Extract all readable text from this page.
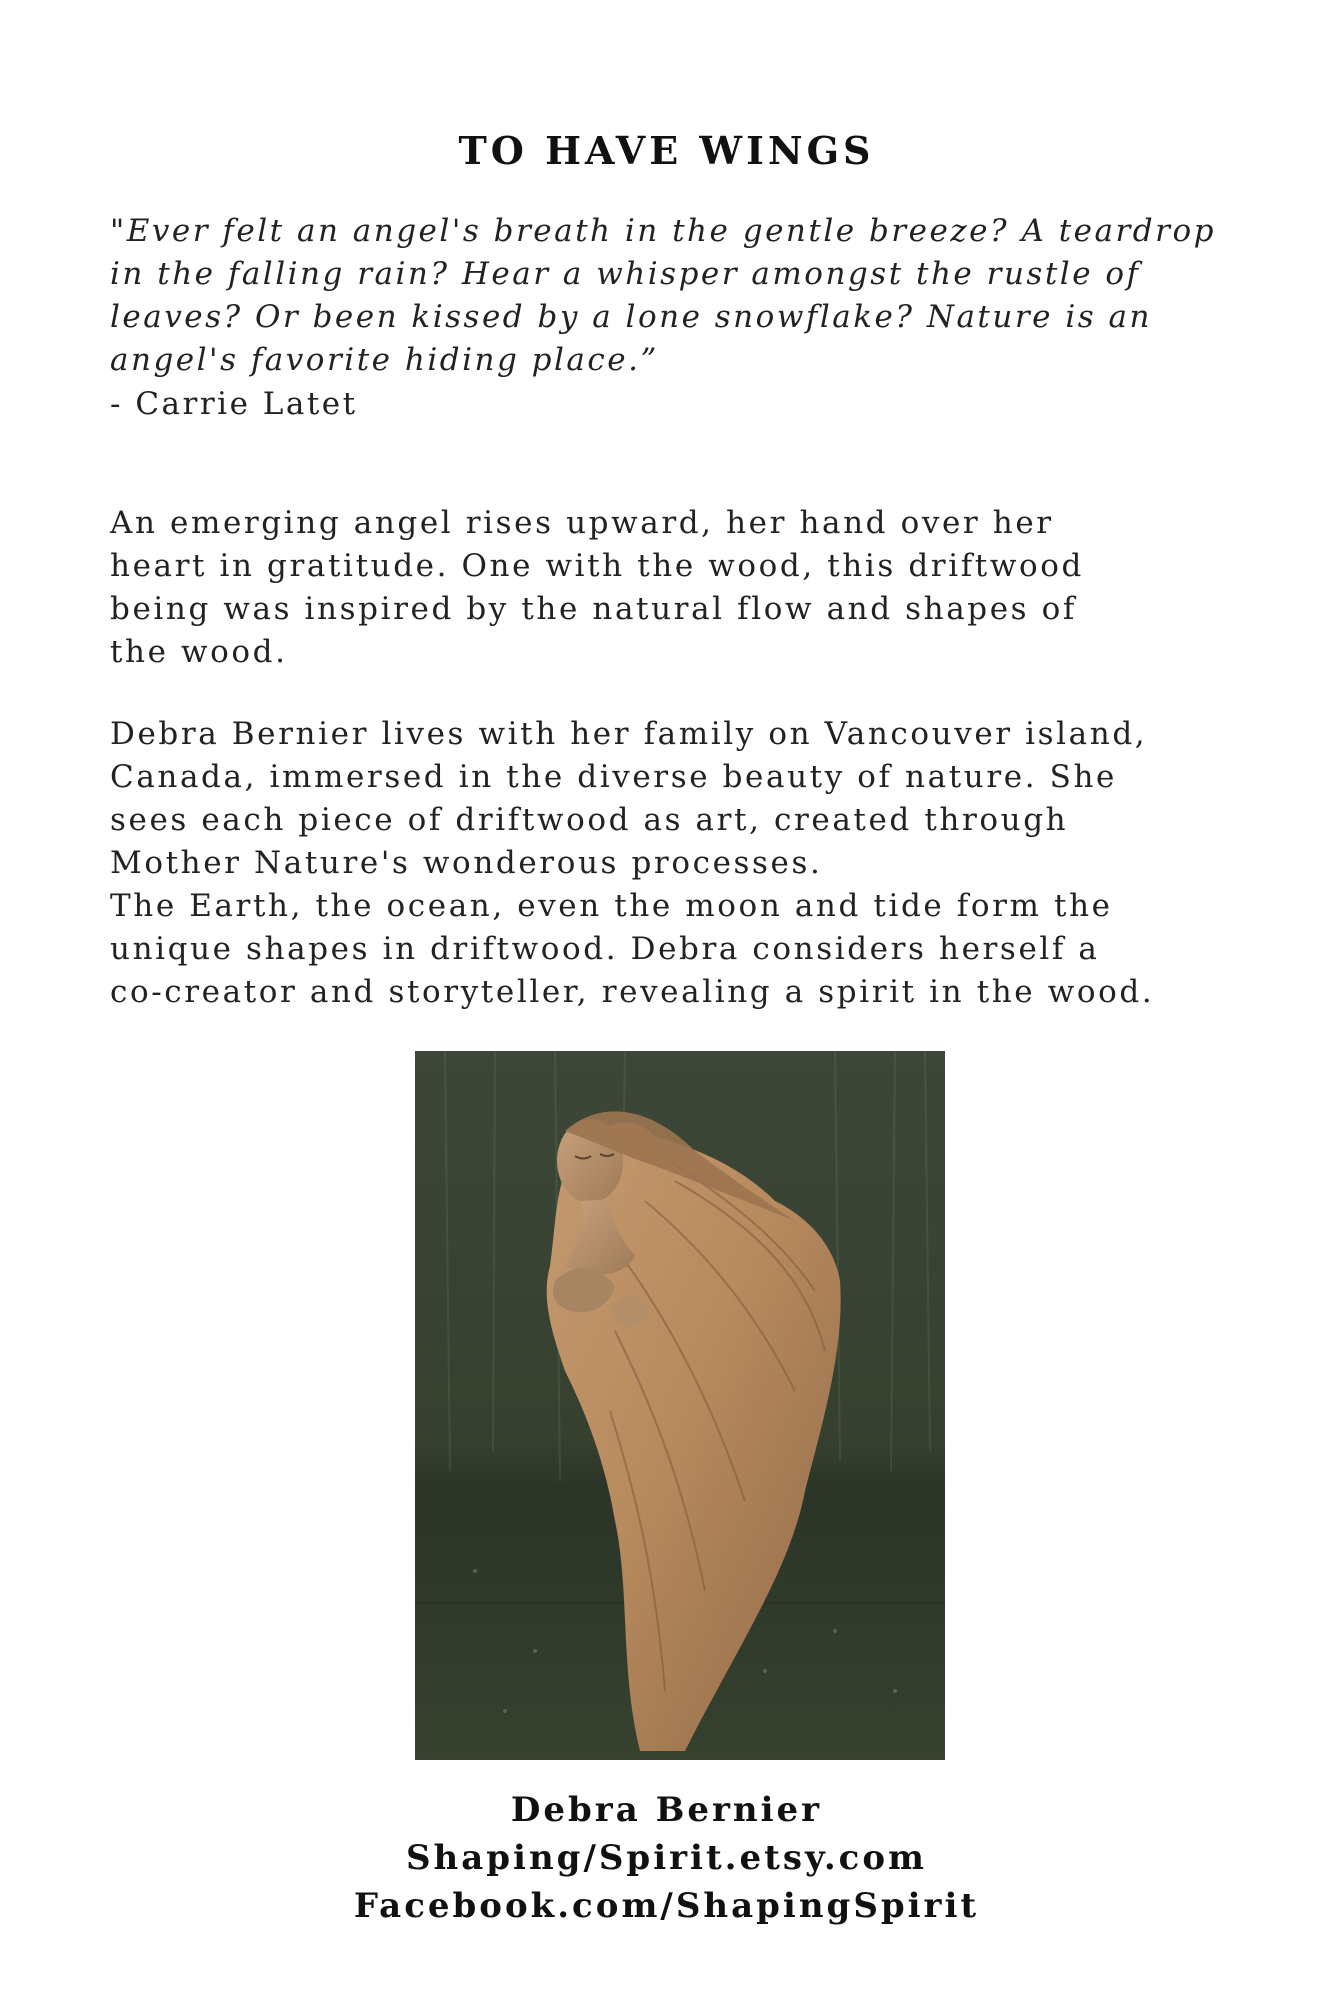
TO HAVE WINGS
"Ever felt an angel's breath in the gentle breeze? A teardrop
in the falling rain? Hear a whisper amongst the rustle of
leaves? Or been kissed by a lone snowflake? Nature is an
angel's favorite hiding place.”
- Carrie Latet
An emerging angel rises upward, her hand over her
heart in gratitude. One with the wood, this driftwood
being was inspired by the natural flow and shapes of
the wood.
Debra Bernier lives with her family on Vancouver island,
Canada, immersed in the diverse beauty of nature. She
sees each piece of driftwood as art, created through
Mother Nature's wonderous processes.
The Earth, the ocean, even the moon and tide form the
unique shapes in driftwood. Debra considers herself a
co-creator and storyteller, revealing a spirit in the wood.
Debra Bernier
Shaping/Spirit.etsy.com
Facebook.com/ShapingSpirit
